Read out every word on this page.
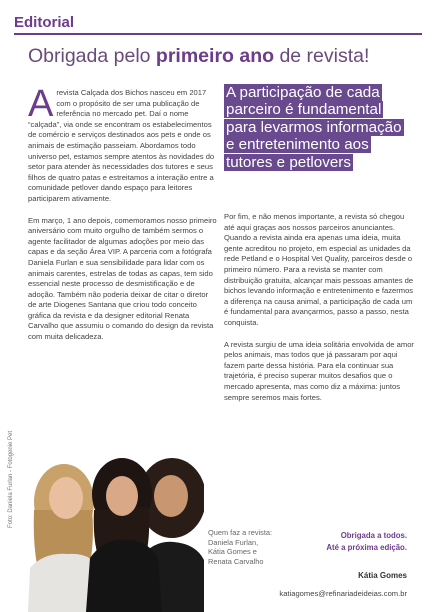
Editorial
Obrigada pelo primeiro ano de revista!

Arevista Calçada dos Bichos nasceu em 2017 com o propósito de ser uma publicação de referência no mercado pet. Daí o nome “calçada”, via onde se encontram os estabelecimentos de comércio e serviços destinados aos pets e onde os animais de estimação passeiam. Abordamos todo universo pet, estamos sempre atentos às novidades do setor para atender às necessidades dos tutores e seus filhos de quatro patas e estreitamos a interação entre a comunidade petlover dando espaço para leitores participarem ativamente.

Em março, 1 ano depois, comemoramos nosso primeiro aniversário com muito orgulho de também sermos o agente facilitador de algumas adoções por meio das capas e da seção Área VIP. A parceria com a fotógrafa Daniela Furlan e sua sensibilidade para lidar com os animais carentes, estrelas de todas as capas, tem sido essencial neste processo de desmistificação e de adoção. Também não poderia deixar de citar o diretor de arte Diogenes Santana que criou todo conceito gráfica da revista e da designer editorial Renata Carvalho que assumiu o comando do design da revista com muita delicadeza.

A participação de cada parceiro é fundamental para levarmos informação e entretenimento aos tutores e petlovers

Por fim, e não menos importante, a revista só chegou até aqui graças aos nossos parceiros anunciantes. Quando a revista ainda era apenas uma ideia, muita gente acreditou no projeto, em especial as unidades da rede Petland e o Hospital Vet Quality, parceiros desde o primeiro número. Para a revista se manter com distribuição gratuita, alcançar mais pessoas amantes de bichos levando informação e entretenimento e fazermos a diferença na causa animal, a participação de cada um é fundamental para avançarmos, passo a passo, nesta conquista.

A revista surgiu de uma ideia solitária envolvida de amor pelos animais, mas todos que já passaram por aqui fazem parte dessa história. Para ela continuar sua trajetória, é preciso superar muitos desafios que o mercado apresenta, mas como diz a máxima: juntos sempre seremos mais fortes.

Foto: Daniela Furlan - Fotogenie Pet
Quem faz a revista:
Daniela Furlan,
Kátia Gomes e
Renata Carvalho
Obrigada a todos.
Até a próxima edição.
Kátia Gomes
katiagomes@refinariadeideias.com.br
